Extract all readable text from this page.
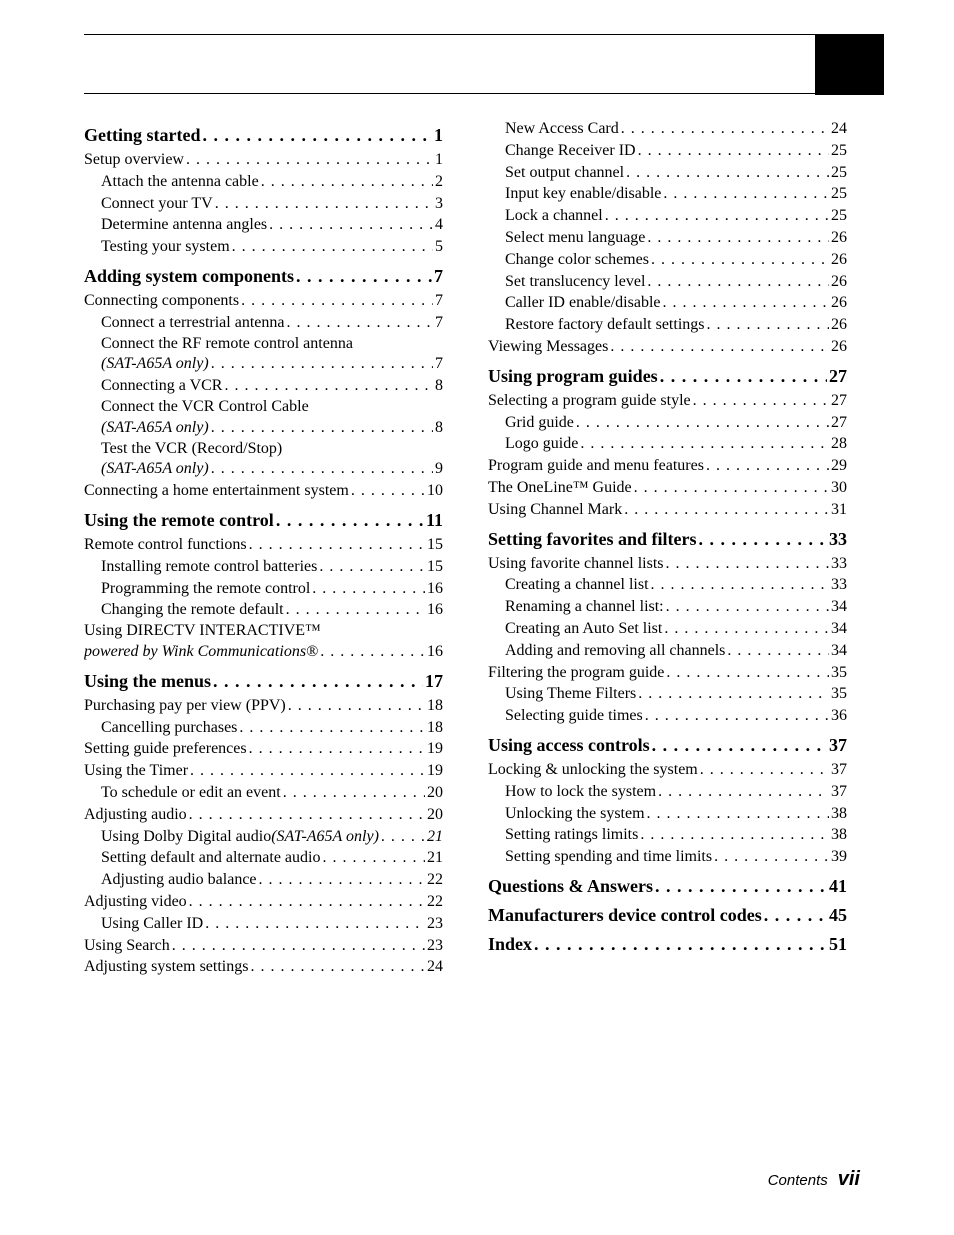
Getting started . . .	1
Setup overview . . .	1
Attach the antenna cable . . .	2
Connect your TV . . .	3
Determine antenna angles . . .	4
Testing your system . . .	5
Adding system components . . .	7
Connecting components . . .	7
Connect a terrestrial antenna . . .	7
Connect the RF remote control antenna
(SAT-A65A only) . . .	7
Connecting a VCR . . .	8
Connect the VCR Control Cable
(SAT-A65A only) . . .	8
Test the VCR (Record/Stop)
(SAT-A65A only) . . .	9
Connecting a home entertainment system . . .	10
Using the remote control . . .	11
Remote control functions . . .	15
Installing remote control batteries . . .	15
Programming the remote control . . .	16
Changing the remote default . . .	16
Using DIRECTV INTERACTIVE™
powered by Wink Communications® . . .	16
Using the menus . . .	17
Purchasing pay per view (PPV) . . .	18
Cancelling purchases . . .	18
Setting guide preferences . . .	19
Using the Timer . . .	19
To schedule or edit an event . . .	20
Adjusting audio . . .	20
Using Dolby Digital audio (SAT-A65A only) . . .	21
Setting default and alternate audio . . .	21
Adjusting audio balance . . .	22
Adjusting video . . .	22
Using Caller ID . . .	23
Using Search . . .	23
Adjusting system settings . . .	24
New Access Card . . .	24
Change Receiver ID . . .	25
Set output channel . . .	25
Input key enable/disable . . .	25
Lock a channel . . .	25
Select menu language . . .	26
Change color schemes . . .	26
Set translucency level . . .	26
Caller ID enable/disable . . .	26
Restore factory default settings . . .	26
Viewing Messages . . .	26
Using program guides . . .	27
Selecting a program guide style . . .	27
Grid guide . . .	27
Logo guide . . .	28
Program guide and menu features . . .	29
The OneLine™ Guide . . .	30
Using Channel Mark . . .	31
Setting favorites and filters . . .	33
Using favorite channel lists . . .	33
Creating a channel list . . .	33
Renaming a channel list: . . .	34
Creating an Auto Set list . . .	34
Adding and removing all channels . . .	34
Filtering the program guide . . .	35
Using Theme Filters . . .	35
Selecting guide times . . .	36
Using access controls . . .	37
Locking & unlocking the system . . .	37
How to lock the system . . .	37
Unlocking the system . . .	38
Setting ratings limits . . .	38
Setting spending and time limits . . .	39
Questions & Answers . . .	41
Manufacturers device control codes . . .	45
Index . . .	51
Contents vii
